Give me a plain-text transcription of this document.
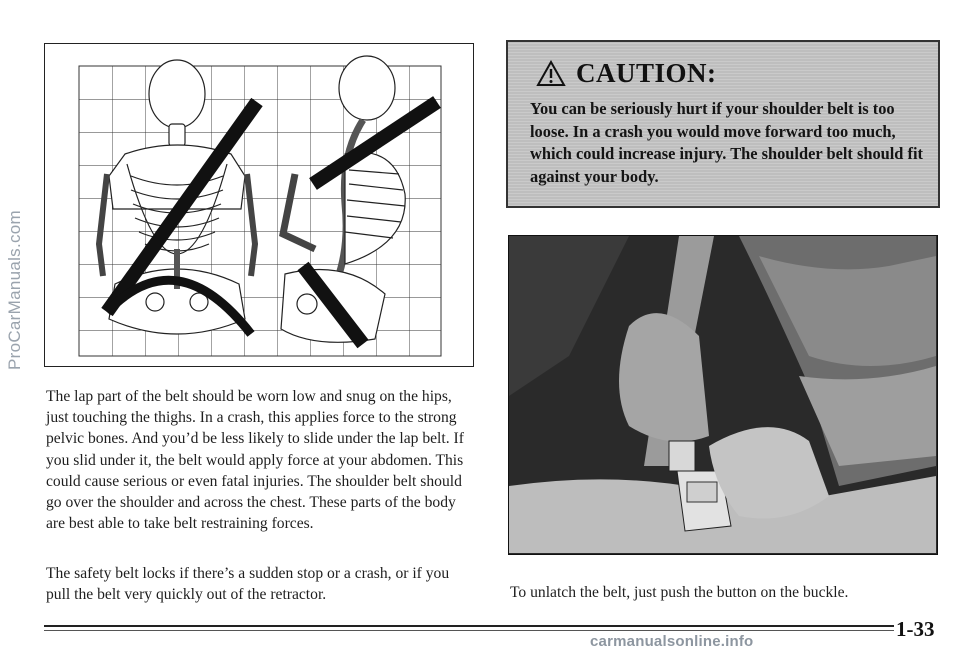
ProCarManuals.com
The lap part of the belt should be worn low and snug on the hips, just touching the thighs. In a crash, this applies force to the strong pelvic bones. And you’d be less likely to slide under the lap belt. If you slid under it, the belt would apply force at your abdomen. This could cause serious or even fatal injuries. The shoulder belt should go over the shoulder and across the chest. These parts of the body are best able to take belt restraining forces.
The safety belt locks if there’s a sudden stop or a crash, or if you pull the belt very quickly out of the retractor.
CAUTION:
You can be seriously hurt if your shoulder belt is too loose. In a crash you would move forward too much, which could increase injury. The shoulder belt should fit against your body.
To unlatch the belt, just push the button on the buckle.
1-33
carmanualsonline.info
